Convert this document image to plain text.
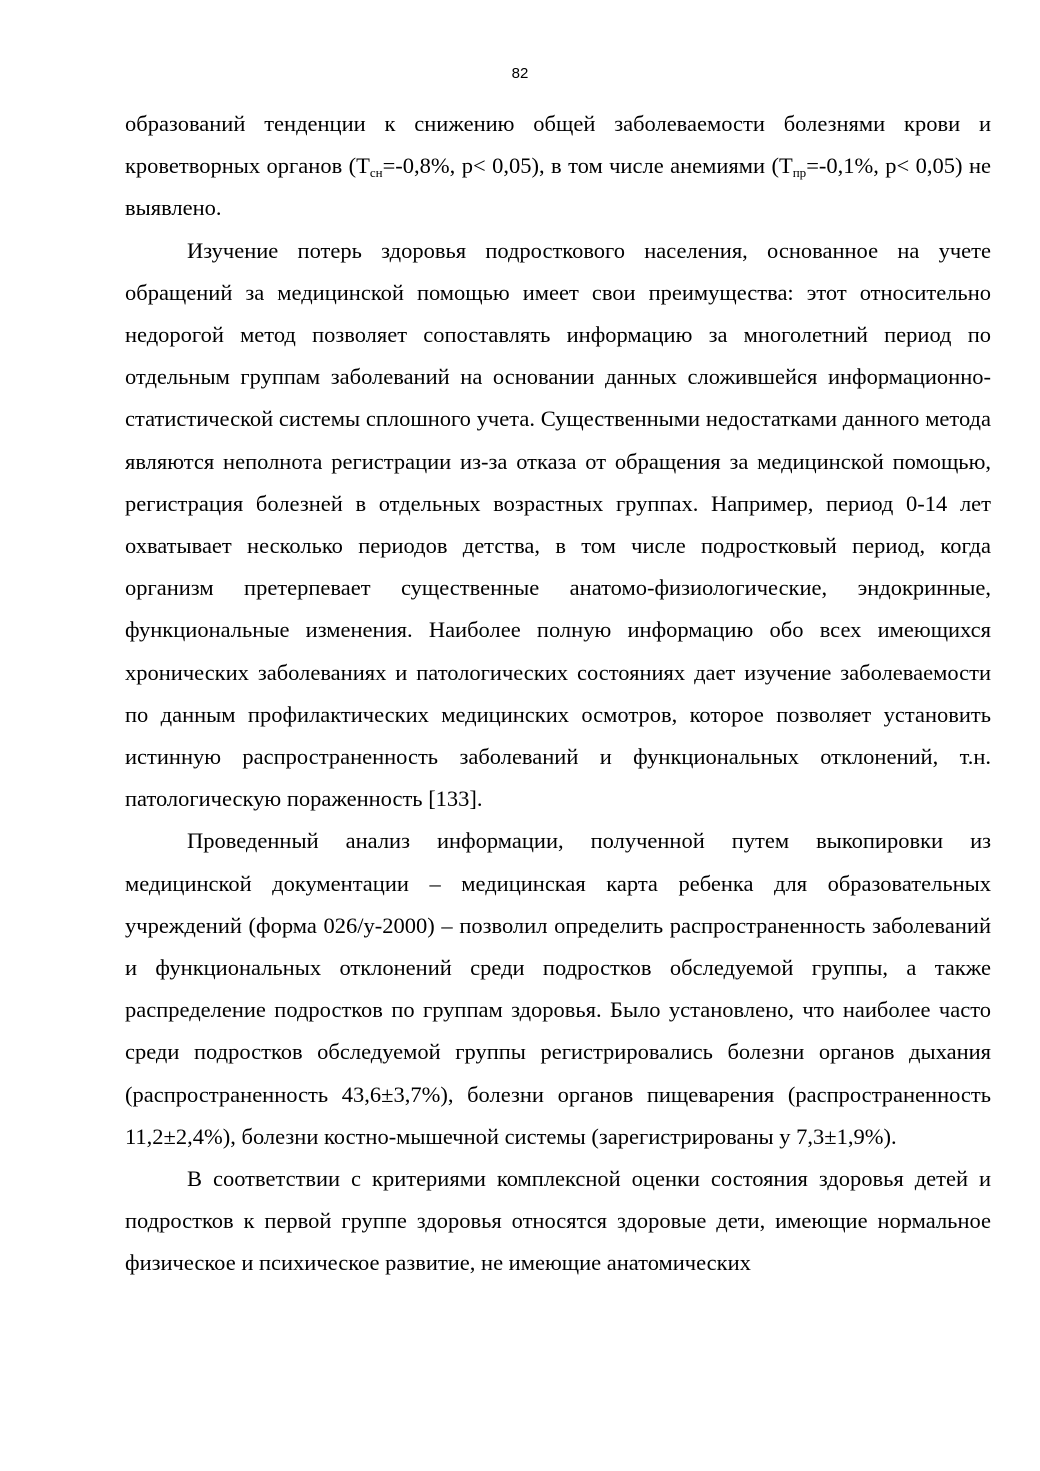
82

образований тенденции к снижению общей заболеваемости болезнями крови и кроветворных органов ($Т_{сн}=-0,8\%$, р< 0,05), в том числе анемиями ($Т_{пр}=-0,1\%$, р< 0,05) не выявлено.

Изучение потерь здоровья подросткового населения, основанное на учете обращений за медицинской помощью имеет свои преимущества: этот относительно недорогой метод позволяет сопоставлять информацию за многолетний период по отдельным группам заболеваний на основании данных сложившейся информационно-статистической системы сплошного учета. Существенными недостатками данного метода являются неполнота регистрации из-за отказа от обращения за медицинской помощью, регистрация болезней в отдельных возрастных группах. Например, период 0-14 лет охватывает несколько периодов детства, в том числе подростковый период, когда организм претерпевает существенные анатомо-физиологические, эндокринные, функциональные изменения. Наиболее полную информацию обо всех имеющихся хронических заболеваниях и патологических состояниях дает изучение заболеваемости по данным профилактических медицинских осмотров, которое позволяет установить истинную распространенность заболеваний и функциональных отклонений, т.н. патологическую пораженность [133].

Проведенный анализ информации, полученной путем выкопировки из медицинской документации – медицинская карта ребенка для образовательных учреждений (форма 026/у-2000) – позволил определить распространенность заболеваний и функциональных отклонений среди подростков обследуемой группы, а также распределение подростков по группам здоровья. Было установлено, что наиболее часто среди подростков обследуемой группы регистрировались болезни органов дыхания (распространенность 43,6±3,7%), болезни органов пищеварения (распространенность 11,2±2,4%), болезни костно-мышечной системы (зарегистрированы у 7,3±1,9%).

В соответствии с критериями комплексной оценки состояния здоровья детей и подростков к первой группе здоровья относятся здоровые дети, имеющие нормальное физическое и психическое развитие, не имеющие анатомических
